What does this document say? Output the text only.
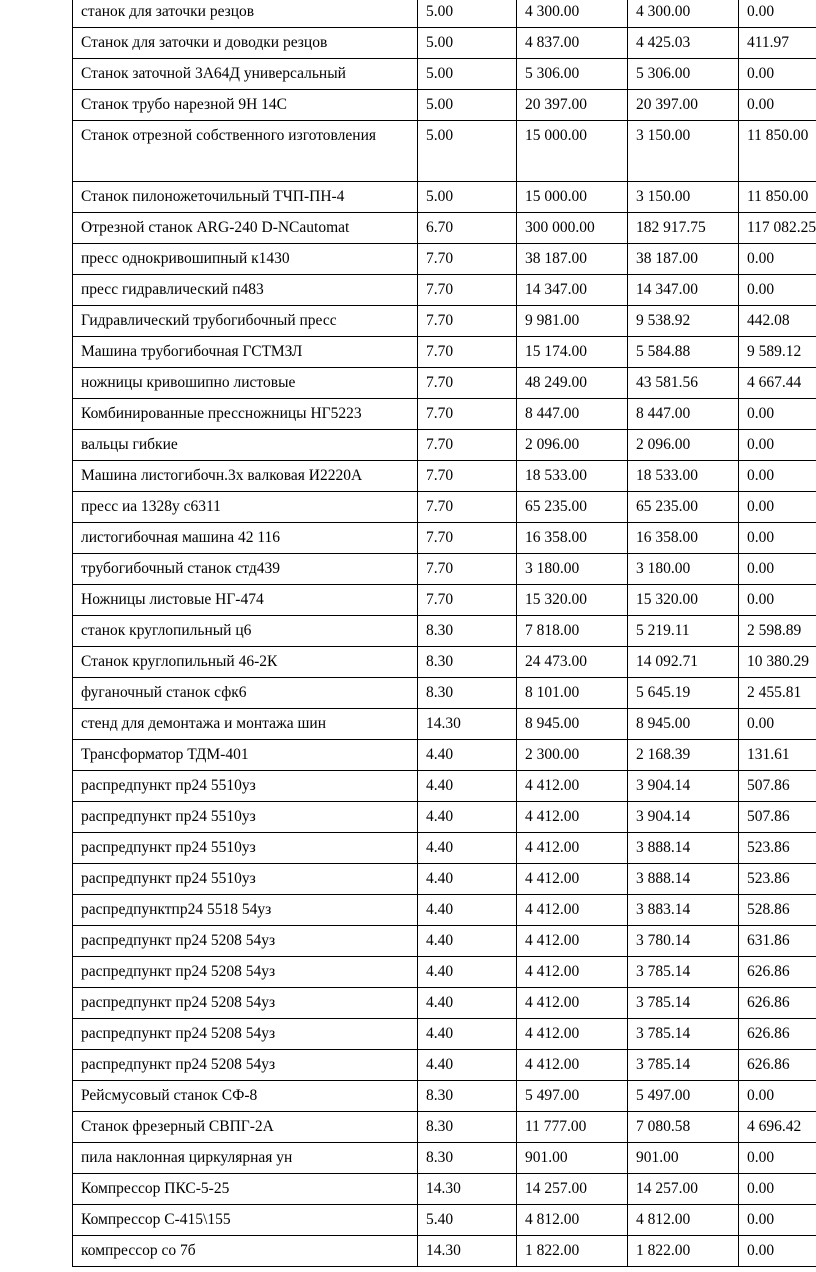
станок для заточки резцов	5.00	4 300.00	4 300.00	0.00
Станок для заточки и доводки резцов	5.00	4 837.00	4 425.03	411.97
Станок заточной 3А64Д универсальный	5.00	5 306.00	5 306.00	0.00
Станок трубо нарезной 9Н 14С	5.00	20 397.00	20 397.00	0.00
Станок отрезной собственного изготовления	5.00	15 000.00	3 150.00	11 850.00
Станок пилоножеточильный ТЧП-ПН-4	5.00	15 000.00	3 150.00	11 850.00
Отрезной станок ARG-240 D-NCautomat	6.70	300 000.00	182 917.75	117 082.25
пресс однокривошипный к1430	7.70	38 187.00	38 187.00	0.00
пресс гидравлический п483	7.70	14 347.00	14 347.00	0.00
Гидравлический трубогибочный пресс	7.70	9 981.00	9 538.92	442.08
Машина трубогибочная ГСТМЗЛ	7.70	15 174.00	5 584.88	9 589.12
ножницы кривошипно листовые	7.70	48 249.00	43 581.56	4 667.44
Комбинированные прессножницы НГ5223	7.70	8 447.00	8 447.00	0.00
вальцы гибкие	7.70	2 096.00	2 096.00	0.00
Машина листогибочн.3х валковая И2220А	7.70	18 533.00	18 533.00	0.00
пресс иа 1328у с6311	7.70	65 235.00	65 235.00	0.00
листогибочная машина 42 116	7.70	16 358.00	16 358.00	0.00
трубогибочный станок стд439	7.70	3 180.00	3 180.00	0.00
Ножницы листовые НГ-474	7.70	15 320.00	15 320.00	0.00
станок круглопильный ц6	8.30	7 818.00	5 219.11	2 598.89
Станок круглопильный 46-2К	8.30	24 473.00	14 092.71	10 380.29
фуганочный станок сфк6	8.30	8 101.00	5 645.19	2 455.81
стенд для демонтажа и монтажа шин	14.30	8 945.00	8 945.00	0.00
Трансформатор ТДМ-401	4.40	2 300.00	2 168.39	131.61
распредпункт пр24 5510уз	4.40	4 412.00	3 904.14	507.86
распредпункт пр24 5510уз	4.40	4 412.00	3 904.14	507.86
распредпункт пр24 5510уз	4.40	4 412.00	3 888.14	523.86
распредпункт пр24 5510уз	4.40	4 412.00	3 888.14	523.86
распредпунктпр24 5518 54уз	4.40	4 412.00	3 883.14	528.86
распредпункт пр24 5208 54уз	4.40	4 412.00	3 780.14	631.86
распредпункт пр24 5208 54уз	4.40	4 412.00	3 785.14	626.86
распредпункт пр24 5208 54уз	4.40	4 412.00	3 785.14	626.86
распредпункт пр24 5208 54уз	4.40	4 412.00	3 785.14	626.86
распредпункт пр24 5208 54уз	4.40	4 412.00	3 785.14	626.86
Рейсмусовый станок СФ-8	8.30	5 497.00	5 497.00	0.00
Станок фрезерный СВПГ-2А	8.30	11 777.00	7 080.58	4 696.42
пила наклонная циркулярная ун	8.30	901.00	901.00	0.00
Компрессор ПКС-5-25	14.30	14 257.00	14 257.00	0.00
Компрессор С-415\155	5.40	4 812.00	4 812.00	0.00
компрессор со 7б	14.30	1 822.00	1 822.00	0.00
